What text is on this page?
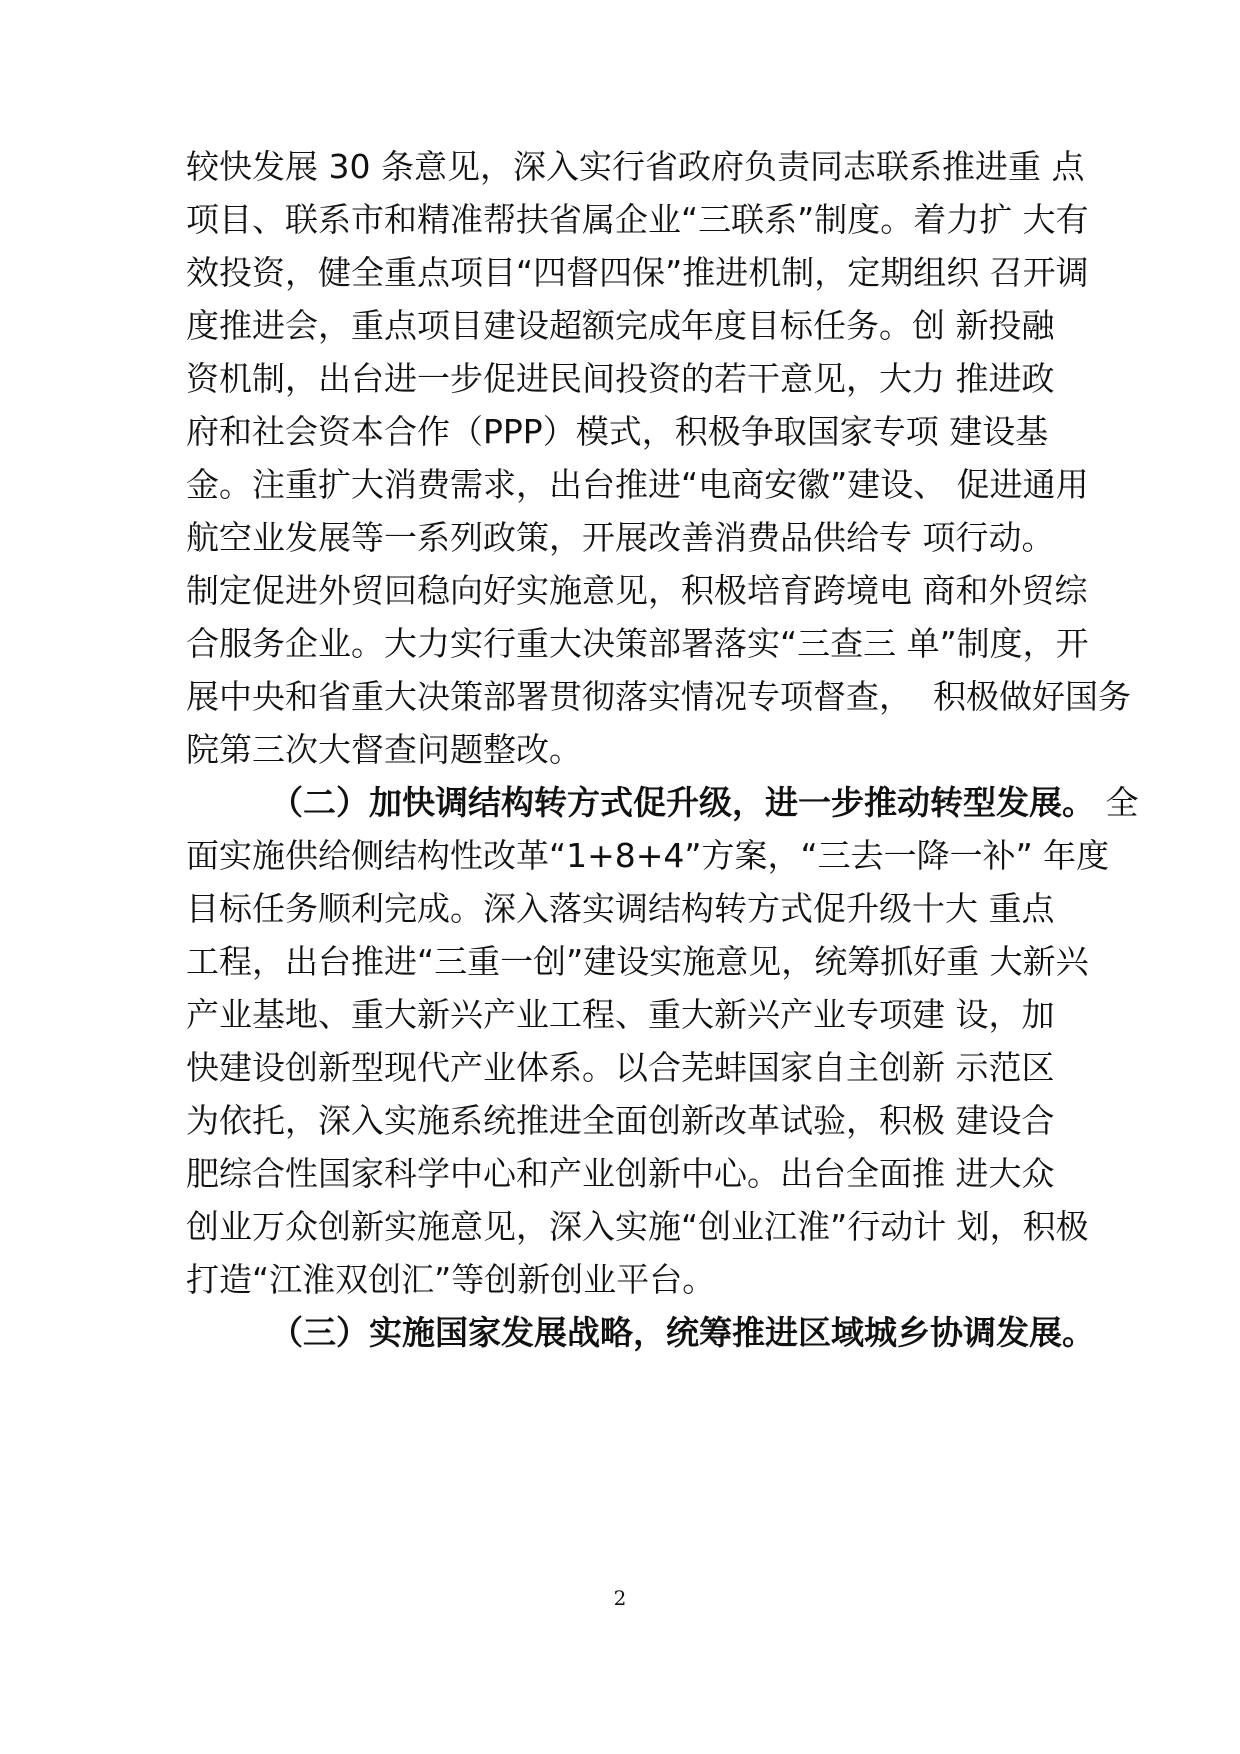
较快发展 30 条意见，深入实行省政府负责同志联系推进重 点
项目、联系市和精准帮扶省属企业“三联系”制度。着力扩 大有
效投资，健全重点项目“四督四保”推进机制，定期组织 召开调
度推进会，重点项目建设超额完成年度目标任务。创 新投融
资机制，出台进一步促进民间投资的若干意见，大力 推进政
府和社会资本合作（PPP）模式，积极争取国家专项 建设基
金。注重扩大消费需求，出台推进“电商安徽”建设、 促进通用
航空业发展等一系列政策，开展改善消费品供给专 项行动。
制定促进外贸回稳向好实施意见，积极培育跨境电 商和外贸综
合服务企业。大力实行重大决策部署落实“三查三 单”制度，开
展中央和省重大决策部署贯彻落实情况专项督查，  积极做好国务
院第三次大督查问题整改。
（二）加快调结构转方式促升级，进一步推动转型发展。 全
面实施供给侧结构性改革“1+8+4”方案，“三去一降一补” 年度
目标任务顺利完成。深入落实调结构转方式促升级十大 重点
工程，出台推进“三重一创”建设实施意见，统筹抓好重 大新兴
产业基地、重大新兴产业工程、重大新兴产业专项建 设，加
快建设创新型现代产业体系。以合芜蚌国家自主创新 示范区
为依托，深入实施系统推进全面创新改革试验，积极 建设合
肥综合性国家科学中心和产业创新中心。出台全面推 进大众
创业万众创新实施意见，深入实施“创业江淮”行动计 划，积极
打造“江淮双创汇”等创新创业平台。
（三）实施国家发展战略，统筹推进区域城乡协调发展。
2
